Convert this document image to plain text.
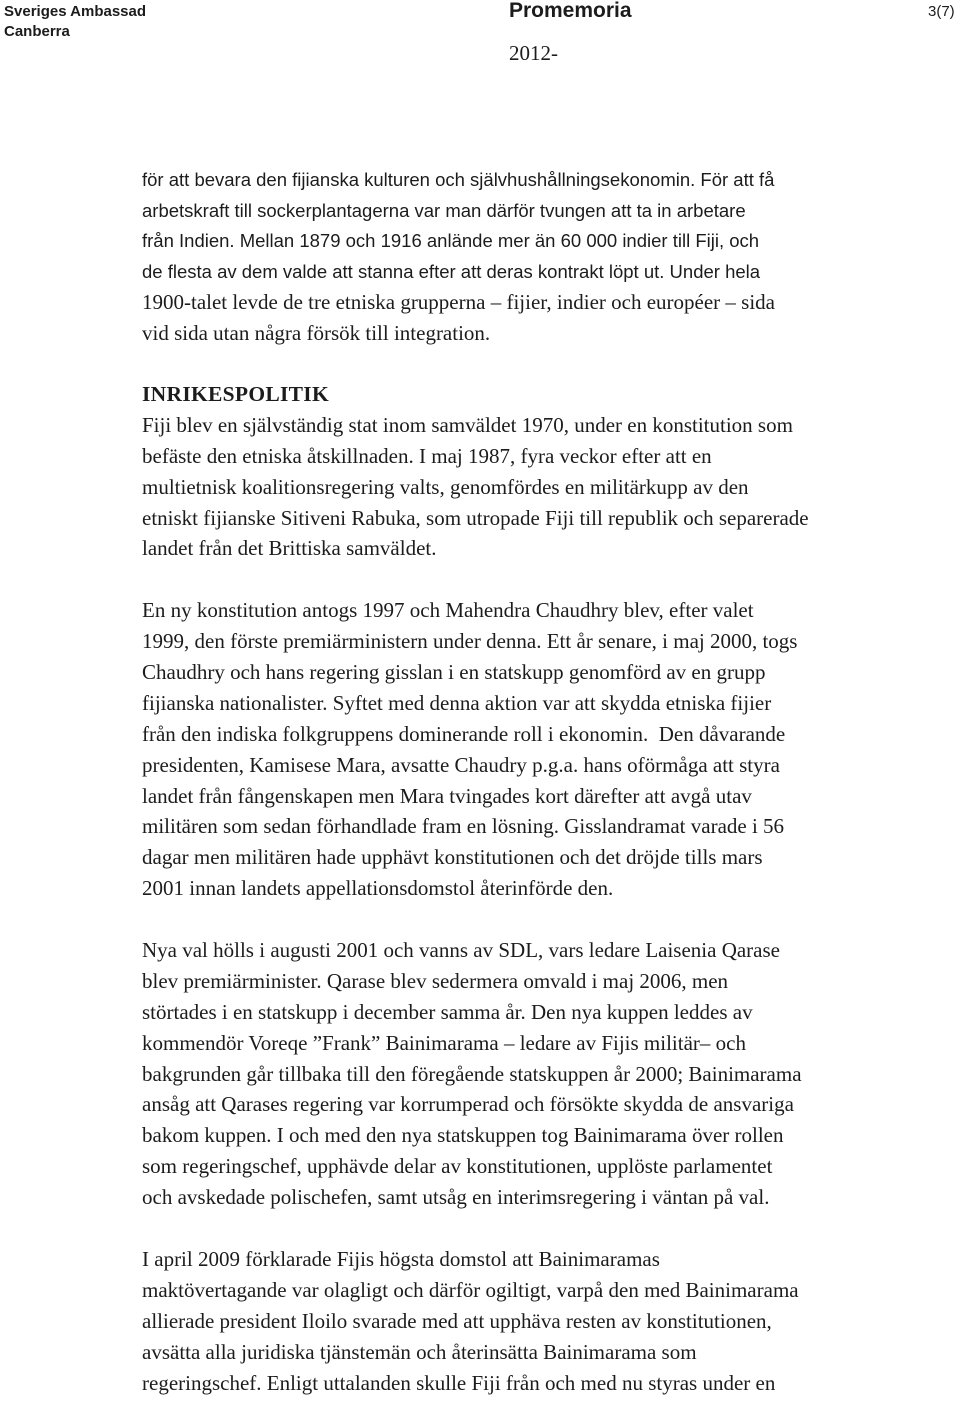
Sveriges Ambassad
Canberra
Promemoria
2012-
3(7)
för att bevara den fijianska kulturen och självhushållningsekonomin. För att få
arbetskraft till sockerplantagerna var man därför tvungen att ta in arbetare
från Indien. Mellan 1879 och 1916 anlände mer än 60 000 indier till Fiji, och
de flesta av dem valde att stanna efter att deras kontrakt löpt ut. Under hela
1900-talet levde de tre etniska grupperna – fijier, indier och européer – sida
vid sida utan några försök till integration.
INRIKESPOLITIK
Fiji blev en självständig stat inom samväldet 1970, under en konstitution som
befäste den etniska åtskillnaden. I maj 1987, fyra veckor efter att en
multietnisk koalitionsregering valts, genomfördes en militärkupp av den
etniskt fijianske Sitiveni Rabuka, som utropade Fiji till republik och separerade
landet från det Brittiska samväldet.
En ny konstitution antogs 1997 och Mahendra Chaudhry blev, efter valet
1999, den förste premiärministern under denna. Ett år senare, i maj 2000, togs
Chaudhry och hans regering gisslan i en statskupp genomförd av en grupp
fijianska nationalister. Syftet med denna aktion var att skydda etniska fijier
från den indiska folkgruppens dominerande roll i ekonomin.  Den dåvarande
presidenten, Kamisese Mara, avsatte Chaudry p.g.a. hans oförmåga att styra
landet från fångenskapen men Mara tvingades kort därefter att avgå utav
militären som sedan förhandlade fram en lösning. Gisslandramat varade i 56
dagar men militären hade upphävt konstitutionen och det dröjde tills mars
2001 innan landets appellationsdomstol återinförde den.
Nya val hölls i augusti 2001 och vanns av SDL, vars ledare Laisenia Qarase
blev premiärminister. Qarase blev sedermera omvald i maj 2006, men
störtades i en statskupp i december samma år. Den nya kuppen leddes av
kommendör Voreqe ”Frank” Bainimarama – ledare av Fijis militär– och
bakgrunden går tillbaka till den föregående statskuppen år 2000; Bainimarama
ansåg att Qarases regering var korrumperad och försökte skydda de ansvariga
bakom kuppen. I och med den nya statskuppen tog Bainimarama över rollen
som regeringschef, upphävde delar av konstitutionen, upplöste parlamentet
och avskedade polischefen, samt utsåg en interimsregering i väntan på val.
I april 2009 förklarade Fijis högsta domstol att Bainimaramas
maktövertagande var olagligt och därför ogiltigt, varpå den med Bainimarama
allierade president Iloilo svarade med att upphäva resten av konstitutionen,
avsätta alla juridiska tjänstemän och återinsätta Bainimarama som
regeringschef. Enligt uttalanden skulle Fiji från och med nu styras under en
